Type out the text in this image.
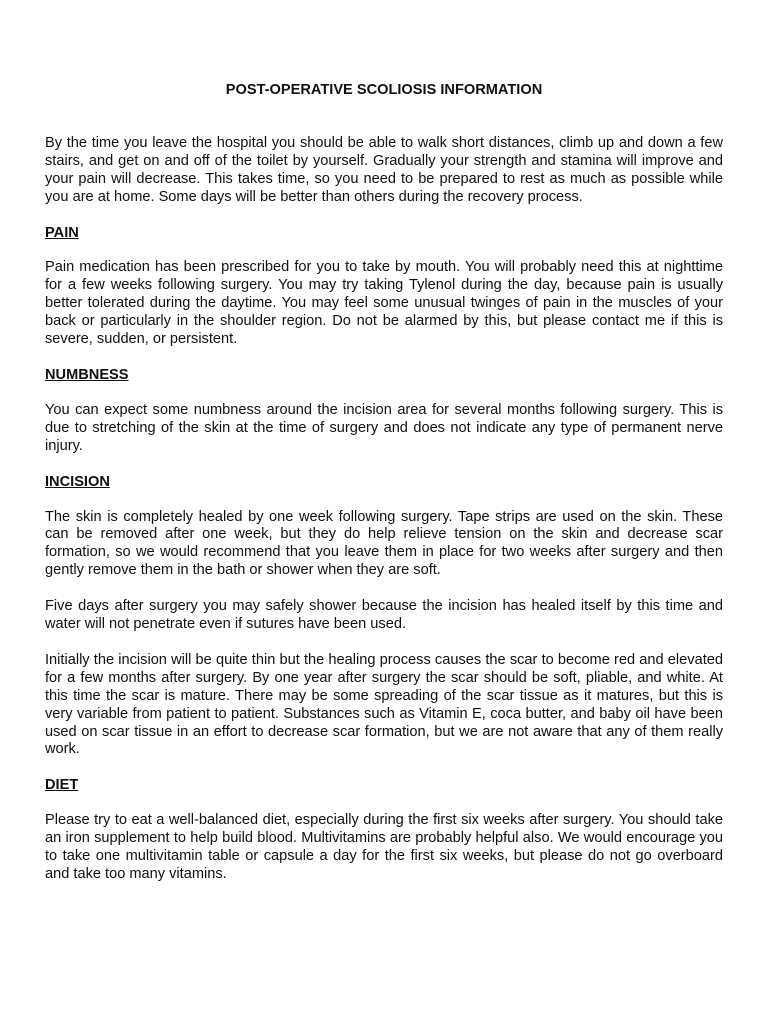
POST-OPERATIVE SCOLIOSIS INFORMATION

By the time you leave the hospital you should be able to walk short distances, climb up and down a few stairs, and get on and off of the toilet by yourself. Gradually your strength and stamina will improve and your pain will decrease. This takes time, so you need to be prepared to rest as much as possible while you are at home. Some days will be better than others during the recovery process.

PAIN

Pain medication has been prescribed for you to take by mouth. You will probably need this at nighttime for a few weeks following surgery. You may try taking Tylenol during the day, because pain is usually better tolerated during the daytime. You may feel some unusual twinges of pain in the muscles of your back or particularly in the shoulder region. Do not be alarmed by this, but please contact me if this is severe, sudden, or persistent.

NUMBNESS

You can expect some numbness around the incision area for several months following surgery. This is due to stretching of the skin at the time of surgery and does not indicate any type of permanent nerve injury.

INCISION

The skin is completely healed by one week following surgery. Tape strips are used on the skin. These can be removed after one week, but they do help relieve tension on the skin and decrease scar formation, so we would recommend that you leave them in place for two weeks after surgery and then gently remove them in the bath or shower when they are soft.

Five days after surgery you may safely shower because the incision has healed itself by this time and water will not penetrate even if sutures have been used.

Initially the incision will be quite thin but the healing process causes the scar to become red and elevated for a few months after surgery. By one year after surgery the scar should be soft, pliable, and white. At this time the scar is mature. There may be some spreading of the scar tissue as it matures, but this is very variable from patient to patient. Substances such as Vitamin E, coca butter, and baby oil have been used on scar tissue in an effort to decrease scar formation, but we are not aware that any of them really work.

DIET

Please try to eat a well-balanced diet, especially during the first six weeks after surgery. You should take an iron supplement to help build blood. Multivitamins are probably helpful also. We would encourage you to take one multivitamin table or capsule a day for the first six weeks, but please do not go overboard and take too many vitamins.
